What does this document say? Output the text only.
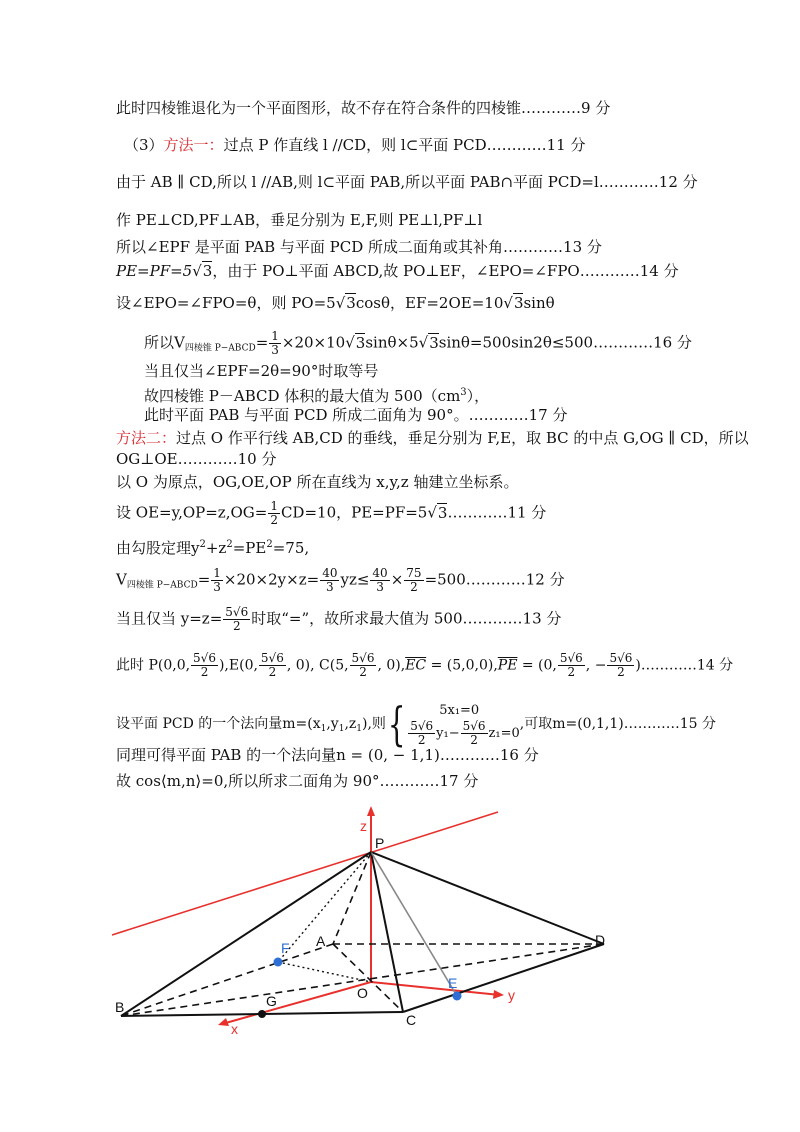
此时四棱锥退化为一个平面图形，故不存在符合条件的四棱锥…………9 分
（3）方法一：过点 P 作直线 l //CD，则 l⊂平面 PCD…………11 分
由于 AB ∥ CD,所以 l //AB,则 l⊂平面 PAB,所以平面 PAB∩平面 PCD=l…………12 分
作 PE⊥CD,PF⊥AB，垂足分别为 E,F,则 PE⊥l,PF⊥l
所以∠EPF 是平面 PAB 与平面 PCD 所成二面角或其补角…………13 分
PE=PF=5√3，由于 PO⊥平面 ABCD,故 PO⊥EF，∠EPO=∠FPO…………14 分
设∠EPO=∠FPO=θ，则 PO=5√3cosθ，EF=2OE=10√3sinθ
所以$V_{四棱锥 P-ABCD}= \frac{1}{3}$ ×20×10√3sinθ×5√3sinθ=500sin2θ≤500…………16 分
当且仅当∠EPF=2θ=90°时取等号
故四棱锥 P－ABCD 体积的最大值为 $500(cm^3)$，
此时平面 PAB 与平面 PCD 所成二面角为 90°。…………17 分
方法二：过点 O 作平行线 AB,CD 的垂线，垂足分别为 F,E，取 BC 的中点 G,OG ∥ CD，所以
OG⊥OE…………10 分
以 O 为原点，OG,OE,OP 所在直线为 x,y,z 轴建立坐标系。
设 $OE=y,OP=z,OG= \frac{1}{2} CD=10$，PE=PF=5√3…………11 分
由勾股定理$y^2+z^2=PE^2=75$,
$V_{四棱锥 P-ABCD}= \frac{1}{3} \times 20\times 2y\times z= \frac{40}{3} yz\le \frac{40}{3} \times \frac{75}{2}$ =500…………12 分
当且仅当 $y=z= \frac{5√6}{2}$ 时取“=”，故所求最大值为 500…………13 分
此时 P(0,0, $\frac{5√6}{2} ),E(0$, $\frac{5√6}{2}$ , 0), C(5, $\frac{5√6}{2}$ , $0),\overline{EC} = (5,0,0),\overline{PE} = (0$, $\frac{5√6}{2}$ , − $\frac{5√6}{2}$ )…………14 分
设平面 PCD 的一个法向量$m=(x_1,y_1,z_1)$,则{	5x₁=0
$\frac{5√6}{2} y_1- \frac{5√6}{2} z_1=0$
,可取m=(0,1,1)…………15 分
同理可得平面 PAB 的一个法向量n = (0, − 1,1)…………16 分
故 cos⟨m,n⟩=0,所以所求二面角为 90°…………17 分
z
P
A
F
O
E
D
B	G
C
x
y
